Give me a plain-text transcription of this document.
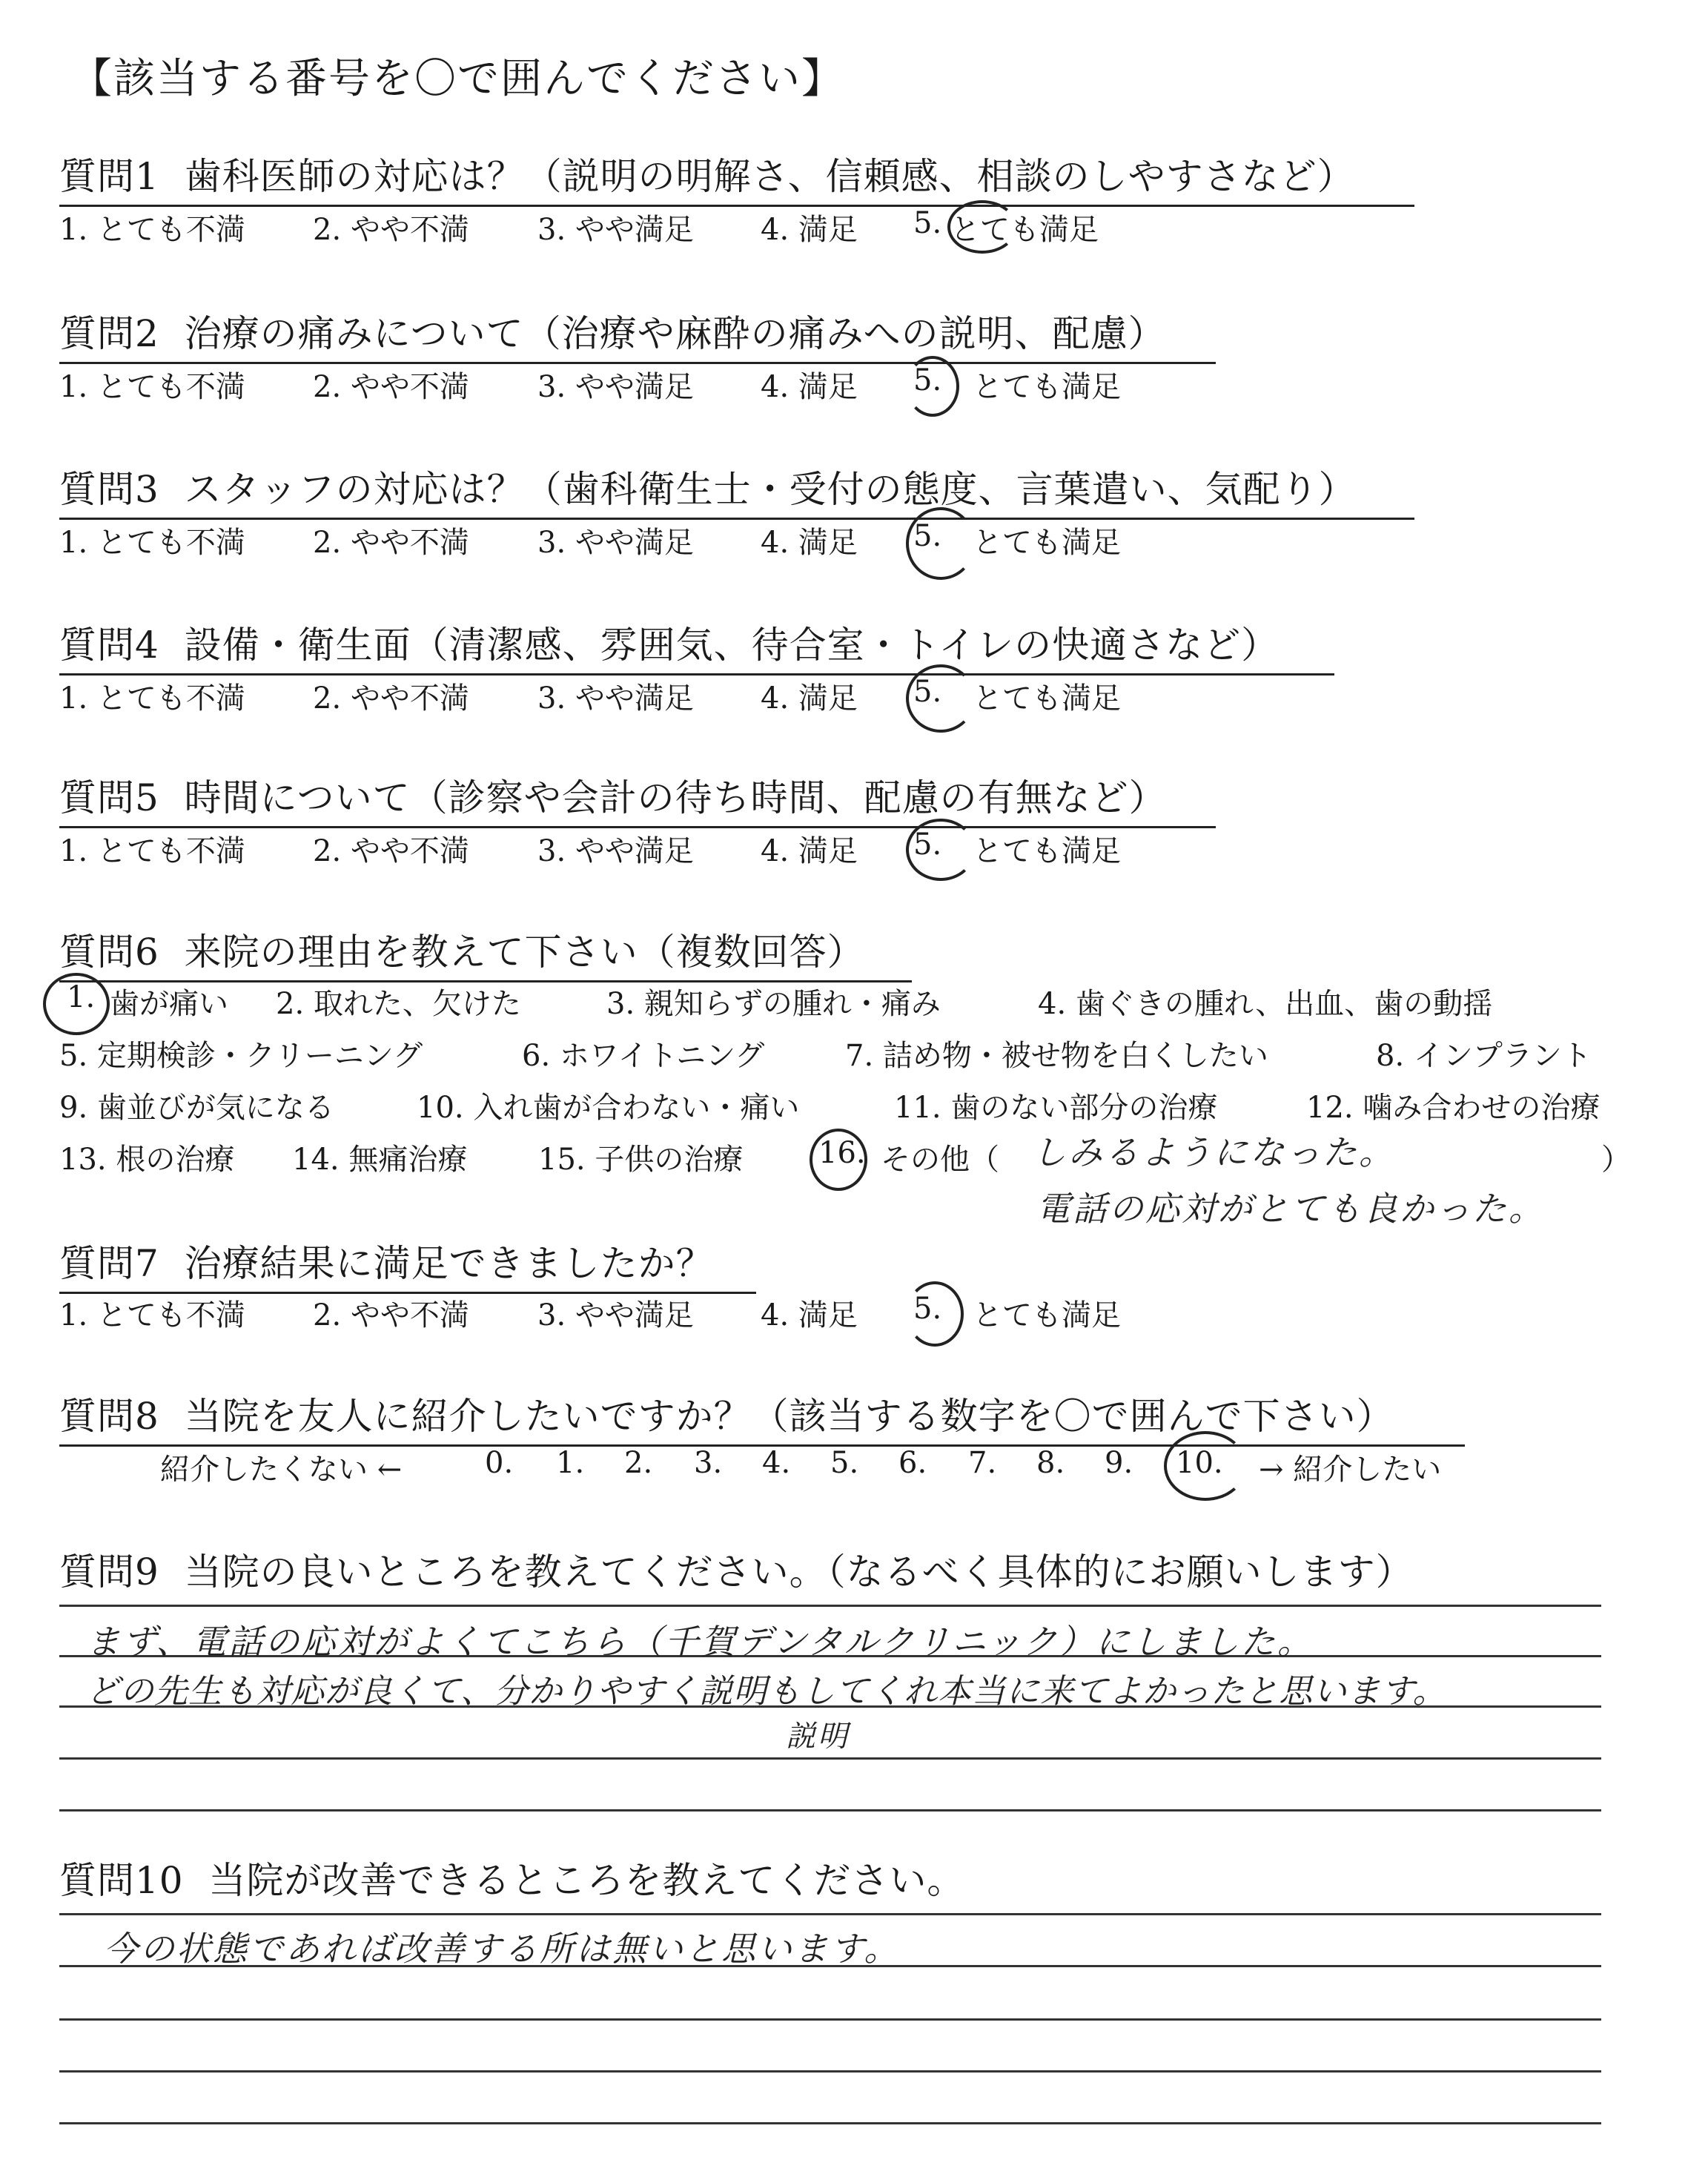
【該当する番号を〇で囲んでください】
質問1 歯科医師の対応は？（説明の明解さ、信頼感、相談のしやすさなど）
1. とても不満 2. やや不満 3. やや満足 4. 満足 5. とても満足
質問2 治療の痛みについて（治療や麻酔の痛みへの説明、配慮）
1. とても不満 2. やや不満 3. やや満足 4. 満足 5. とても満足
質問3 スタッフの対応は？（歯科衛生士・受付の態度、言葉遣い、気配り）
1. とても不満 2. やや不満 3. やや満足 4. 満足 5. とても満足
質問4 設備・衛生面（清潔感、雰囲気、待合室・トイレの快適さなど）
1. とても不満 2. やや不満 3. やや満足 4. 満足 5. とても満足
質問5 時間について（診察や会計の待ち時間、配慮の有無など）
1. とても不満 2. やや不満 3. やや満足 4. 満足 5. とても満足
質問6 来院の理由を教えて下さい（複数回答）
1. 歯が痛い 2. 取れた、欠けた	3. 親知らずの腫れ・痛み	4. 歯ぐきの腫れ、出血、歯の動揺
5. 定期検診・クリーニング	6. ホワイトニング	7. 詰め物・被せ物を白くしたい	8. インプラント
9. 歯並びが気になる	10. 入れ歯が合わない・痛い	11. 歯のない部分の治療	12. 噛み合わせの治療
13. 根の治療 14. 無痛治療 15. 子供の治療	16. その他（	）
しみるようになった。
電話の応対がとても良かった。
質問7 治療結果に満足できましたか？
1. とても不満 2. やや不満 3. やや満足 4. 満足 5. とても満足
質問8 当院を友人に紹介したいですか？（該当する数字を〇で囲んで下さい）
紹介したくない ←	0. 1. 2. 3. 4. 5. 6. 7. 8. 9. 10. → 紹介したい
質問9 当院の良いところを教えてください。（なるべく具体的にお願いします）
まず、電話の応対がよくてこちら（千賀デンタルクリニック）にしました。
どの先生も対応が良くて、分かりやすく説明もしてくれ本当に来てよかったと思います。
説明
質問10 当院が改善できるところを教えてください。
今の状態であれば改善する所は無いと思います。
